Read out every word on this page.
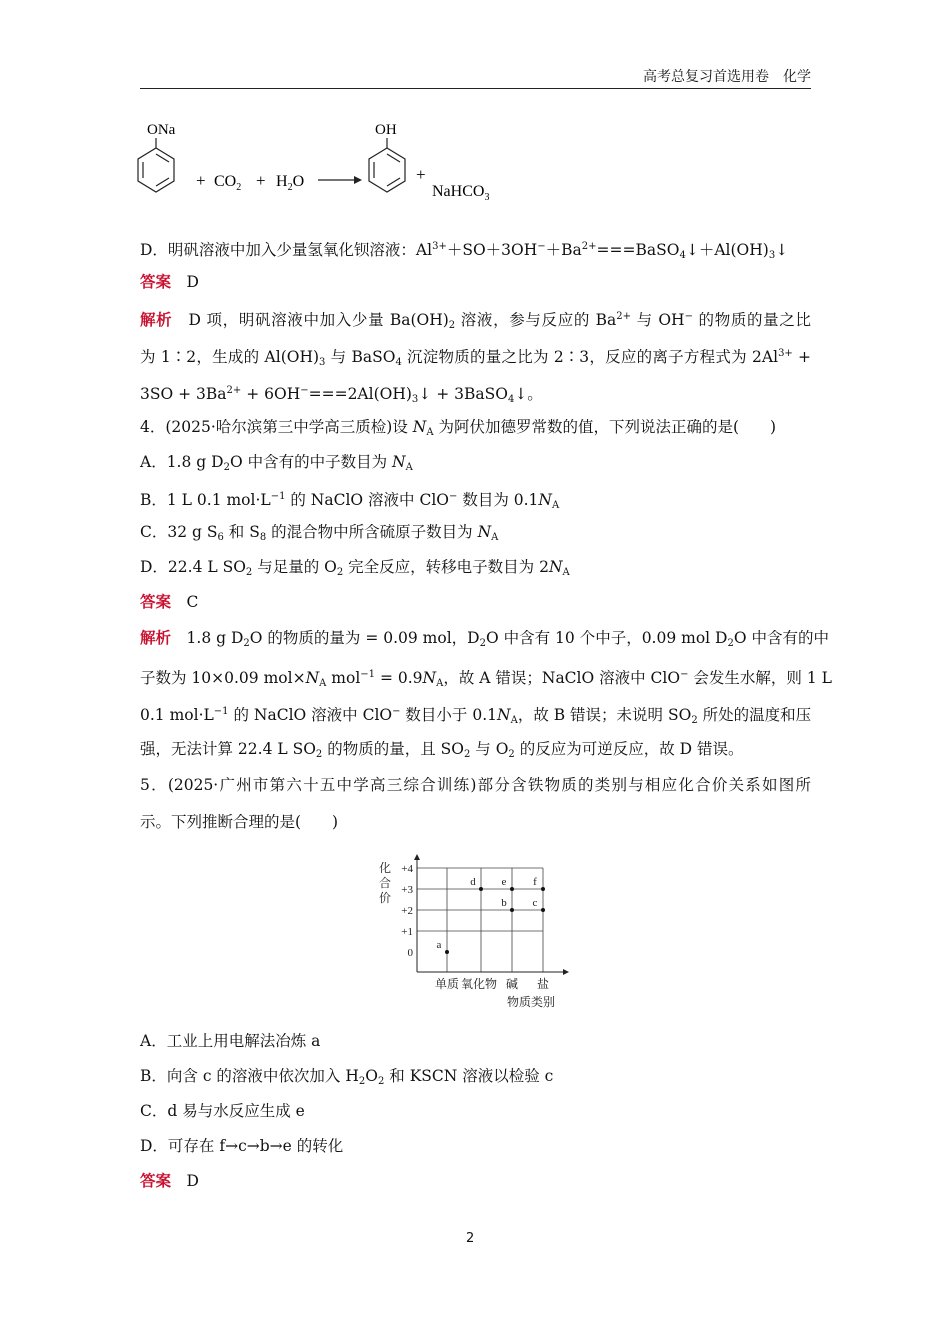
高考总复习首选用卷　化学
ONa
+ $CO_2 + H_2O$
OH
+
NaHCO$_3$
D．明矾溶液中加入少量氢氧化钡溶液：$Al^{3+}+SO+3OH^-+Ba^{2+}===BaSO_4↓+Al(OH)_3↓$
答案　 D
解析　 D 项，明矾溶液中加入少量 $Ba(OH)_2$ 溶液，参与反应的 $Ba^{2+}$ 与 OH− 的物质的量之比
为 1∶2，生成的 $Al(OH)_3$ 与 BaSO$_4$ 沉淀物质的量之比为 2∶3，反应的离子方程式为 $2Al^{3+}$ +
$3SO + 3Ba^{2+}$ + $6OH^-===2Al(OH)_3↓$ + 3BaSO$_4$↓。
4．(2025·哈尔滨第三中学高三质检)设 $N_A$ 为阿伏加德罗常数的值，下列说法正确的是(　　)
A．1.8 g $D_2O$ 中含有的中子数目为 $N_A$
B．1 L 0.1 $mol\cdot L^{-1}$ 的 NaClO 溶液中 ClO− 数目为 $0.1N_A$
C．32 g $S_6$ 和 $S_8$ 的混合物中所含硫原子数目为 $N_A$
D．22.4 L $SO_2$ 与足量的 $O_2$ 完全反应，转移电子数目为 $2N_A$
答案　 C
解析　 1.8 g $D_2O$ 的物质的量为 = 0.09 mol，$D_2O$ 中含有 10 个中子，0.09 mol $D_2O$ 中含有的中
子数为 10×0.09 $mol\times N_A$ $mol^{-1} = 0.9N_A$，故 A 错误；NaClO 溶液中 ClO− 会发生水解，则 1 L
0.1 $mol\cdot L^{-1}$ 的 NaClO 溶液中 ClO− 数目小于 $0.1N_A$，故 B 错误；未说明 $SO_2$ 所处的温度和压
强，无法计算 22.4 L $SO_2$ 的物质的量，且 $SO_2$ 与 $O_2$ 的反应为可逆反应，故 D 错误。
5．(2025·广州市第六十五中学高三综合训练)部分含铁物质的类别与相应化合价关系如图所
示。下列推断合理的是(　　)
+4
+3
+2
+1
0
化
合
价
单质 氧化物 碱 盐
物质类别
a
d e
b
f
c
A．工业上用电解法冶炼 a
B．向含 c 的溶液中依次加入 $H_2O_2$ 和 KSCN 溶液以检验 c
C．d 易与水反应生成 e
D．可存在 f→c→b→e 的转化
答案　 D
2
